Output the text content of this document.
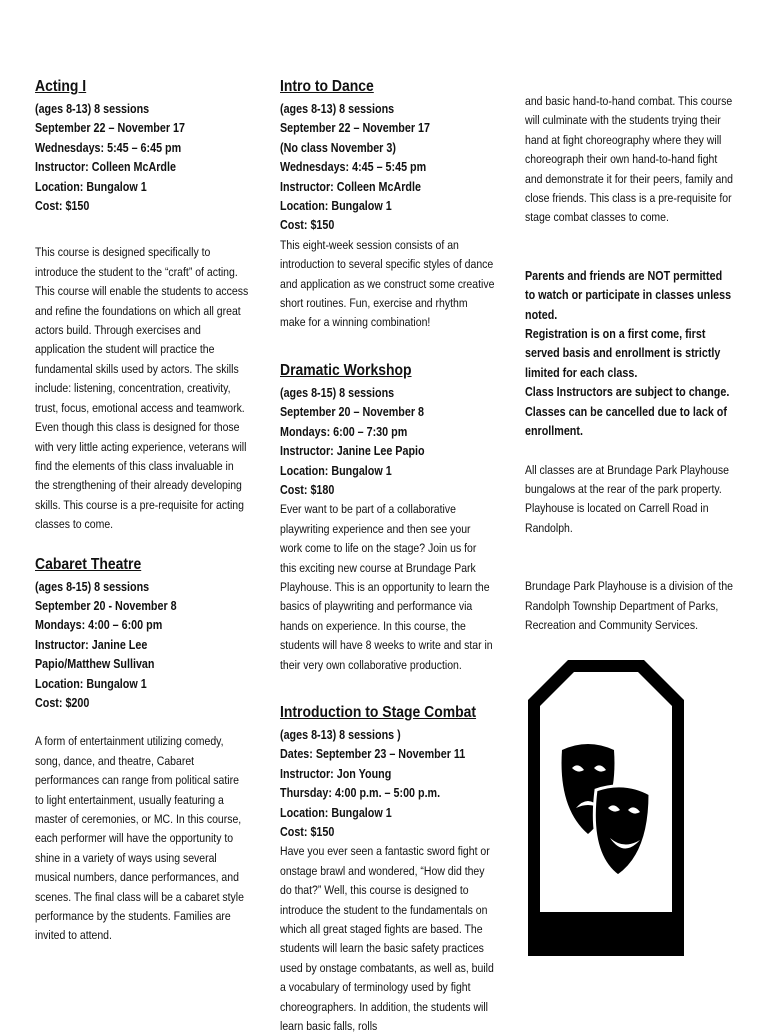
Acting I
(ages 8-13) 8 sessions
September 22 – November 17
Wednesdays: 5:45 – 6:45 pm
Instructor: Colleen McArdle
Location: Bungalow 1
Cost: $150

This course is designed specifically to introduce the student to the “craft” of acting. This course will enable the students to access and refine the foundations on which all great actors build. Through exercises and application the student will practice the fundamental skills used by actors. The skills include: listening, concentration, creativity, trust, focus, emotional access and teamwork. Even though this class is designed for those with very little acting experience, veterans will find the elements of this class invaluable in the strengthening of their already developing skills. This course is a pre-requisite for acting classes to come.

Cabaret Theatre
(ages 8-15) 8 sessions
September 20 - November 8
Mondays: 4:00 – 6:00 pm
Instructor: Janine Lee Papio/Matthew Sullivan
Location: Bungalow 1
Cost: $200

A form of entertainment utilizing comedy, song, dance, and theatre, Cabaret performances can range from political satire to light entertainment, usually featuring a master of ceremonies, or MC. In this course, each performer will have the opportunity to shine in a variety of ways using several musical numbers, dance performances, and scenes. The final class will be a cabaret style performance by the students. Families are invited to attend.

Intro to Dance
(ages 8-13) 8 sessions
September 22 – November 17
(No class November 3)
Wednesdays: 4:45 – 5:45 pm
Instructor: Colleen McArdle
Location: Bungalow 1
Cost: $150

This eight-week session consists of an introduction to several specific styles of dance and application as we construct some creative short routines. Fun, exercise and rhythm make for a winning combination!

Dramatic Workshop
(ages 8-15) 8 sessions
September 20 – November 8
Mondays: 6:00 – 7:30 pm
Instructor: Janine Lee Papio
Location: Bungalow 1
Cost: $180

Ever want to be part of a collaborative playwriting experience and then see your work come to life on the stage? Join us for this exciting new course at Brundage Park Playhouse. This is an opportunity to learn the basics of playwriting and performance via hands on experience. In this course, the students will have 8 weeks to write and star in their very own collaborative production.

Introduction to Stage Combat
(ages 8-13) 8 sessions )
Dates: September 23 – November 11
Instructor: Jon Young
Thursday: 4:00 p.m. – 5:00 p.m.
Location: Bungalow 1
Cost: $150

Have you ever seen a fantastic sword fight or onstage brawl and wondered, “How did they do that?” Well, this course is designed to introduce the student to the fundamentals on which all great staged fights are based. The students will learn the basic safety practices used by onstage combatants, as well as, build a vocabulary of terminology used by fight choreographers. In addition, the students will learn basic falls, rolls

and basic hand-to-hand combat. This course will culminate with the students trying their hand at fight choreography where they will choreograph their own hand-to-hand fight and demonstrate it for their peers, family and close friends. This class is a pre-requisite for stage combat classes to come.

Parents and friends are NOT permitted to watch or participate in classes unless noted.
Registration is on a first come, first served basis and enrollment is strictly limited for each class.
Class Instructors are subject to change.
Classes can be cancelled due to lack of enrollment.

All classes are at Brundage Park Playhouse bungalows at the rear of the park property. Playhouse is located on Carrell Road in Randolph.

Brundage Park Playhouse is a division of the Randolph Township Department of Parks, Recreation and Community Services.
